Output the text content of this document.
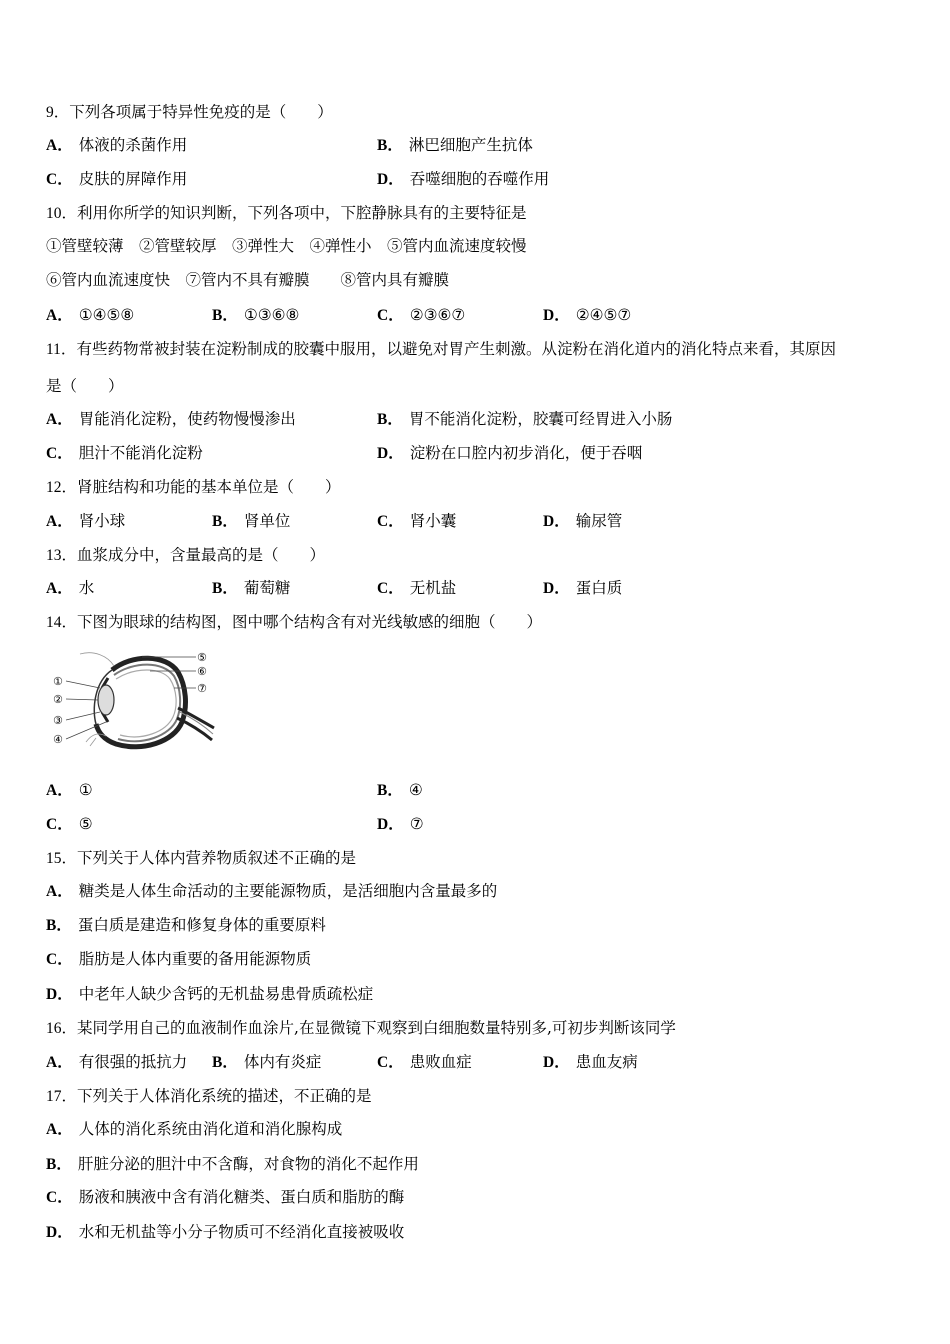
9．下列各项属于特异性免疫的是（　　）
A． 体液的杀菌作用	B． 淋巴细胞产生抗体
C． 皮肤的屏障作用	D． 吞噬细胞的吞噬作用
10．利用你所学的知识判断，下列各项中，下腔静脉具有的主要特征是
①管壁较薄　②管壁较厚　③弹性大　④弹性小　⑤管内血流速度较慢
⑥管内血流速度快　⑦管内不具有瓣膜　　⑧管内具有瓣膜
A． ①④⑤⑧	B． ①③⑥⑧	C． ②③⑥⑦	D． ②④⑤⑦
11．有些药物常被封装在淀粉制成的胶囊中服用，以避免对胃产生刺激。从淀粉在消化道内的消化特点来看，其原因
是（　　）
A． 胃能消化淀粉，使药物慢慢渗出	B． 胃不能消化淀粉，胶囊可经胃进入小肠
C． 胆汁不能消化淀粉	D． 淀粉在口腔内初步消化，便于吞咽
12．肾脏结构和功能的基本单位是（　　）
A． 肾小球	B． 肾单位	C． 肾小囊	D． 输尿管
13．血浆成分中，含量最高的是（　　）
A． 水	B． 葡萄糖	C． 无机盐	D． 蛋白质
14．下图为眼球的结构图，图中哪个结构含有对光线敏感的细胞（　　）
①
②
③
④
⑤
⑥
⑦
A． ①	B． ④
C． ⑤	D． ⑦
15．下列关于人体内营养物质叙述不正确的是
A． 糖类是人体生命活动的主要能源物质，是活细胞内含量最多的
B． 蛋白质是建造和修复身体的重要原料
C． 脂肪是人体内重要的备用能源物质
D． 中老年人缺少含钙的无机盐易患骨质疏松症
16．某同学用自己的血液制作血涂片,在显微镜下观察到白细胞数量特别多,可初步判断该同学
A． 有很强的抵抗力 B． 体内有炎症	C． 患败血症	D． 患血友病
17．下列关于人体消化系统的描述，不正确的是
A． 人体的消化系统由消化道和消化腺构成
B． 肝脏分泌的胆汁中不含酶，对食物的消化不起作用
C． 肠液和胰液中含有消化糖类、蛋白质和脂肪的酶
D． 水和无机盐等小分子物质可不经消化直接被吸收
